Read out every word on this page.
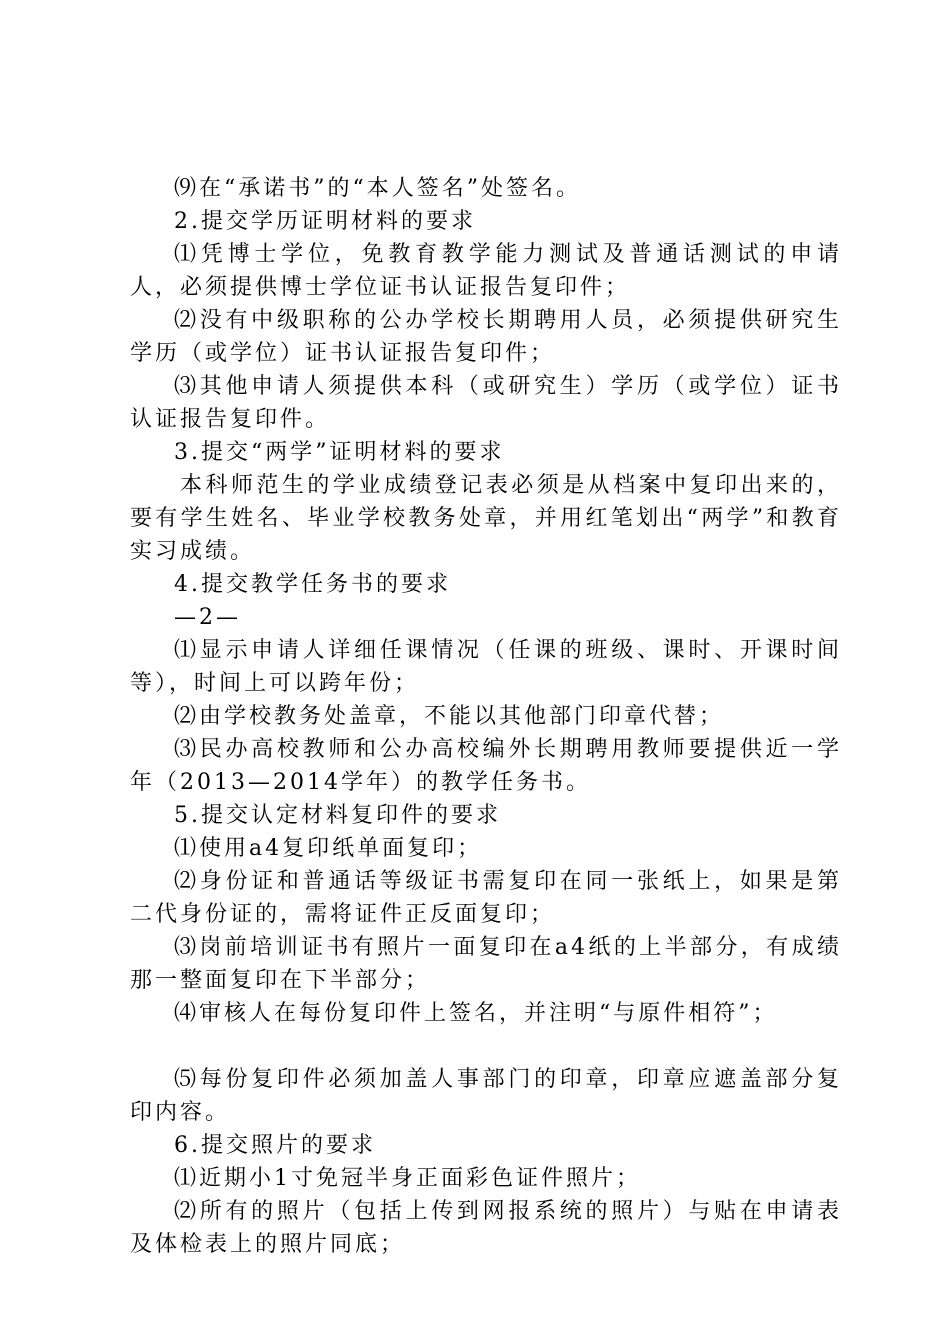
⑼在“承诺书”的“本人签名”处签名。

2.提交学历证明材料的要求

⑴凭博士学位，免教育教学能力测试及普通话测试的申请人，必须提供博士学位证书认证报告复印件；

⑵没有中级职称的公办学校长期聘用人员，必须提供研究生学历（或学位）证书认证报告复印件；

⑶其他申请人须提供本科（或研究生）学历（或学位）证书认证报告复印件。

3.提交“两学”证明材料的要求

本科师范生的学业成绩登记表必须是从档案中复印出来的，要有学生姓名、毕业学校教务处章，并用红笔划出“两学”和教育实习成绩。

4.提交教学任务书的要求

—2—

⑴显示申请人详细任课情况（任课的班级、课时、开课时间等），时间上可以跨年份；

⑵由学校教务处盖章，不能以其他部门印章代替；

⑶民办高校教师和公办高校编外长期聘用教师要提供近一学年（2013—2014学年）的教学任务书。

5.提交认定材料复印件的要求

⑴使用a4复印纸单面复印；

⑵身份证和普通话等级证书需复印在同一张纸上，如果是第二代身份证的，需将证件正反面复印；

⑶岗前培训证书有照片一面复印在a4纸的上半部分，有成绩那一整面复印在下半部分；

⑷审核人在每份复印件上签名，并注明“与原件相符”；

⑸每份复印件必须加盖人事部门的印章，印章应遮盖部分复印内容。

6.提交照片的要求

⑴近期小1寸免冠半身正面彩色证件照片；

⑵所有的照片（包括上传到网报系统的照片）与贴在申请表及体检表上的照片同底；
